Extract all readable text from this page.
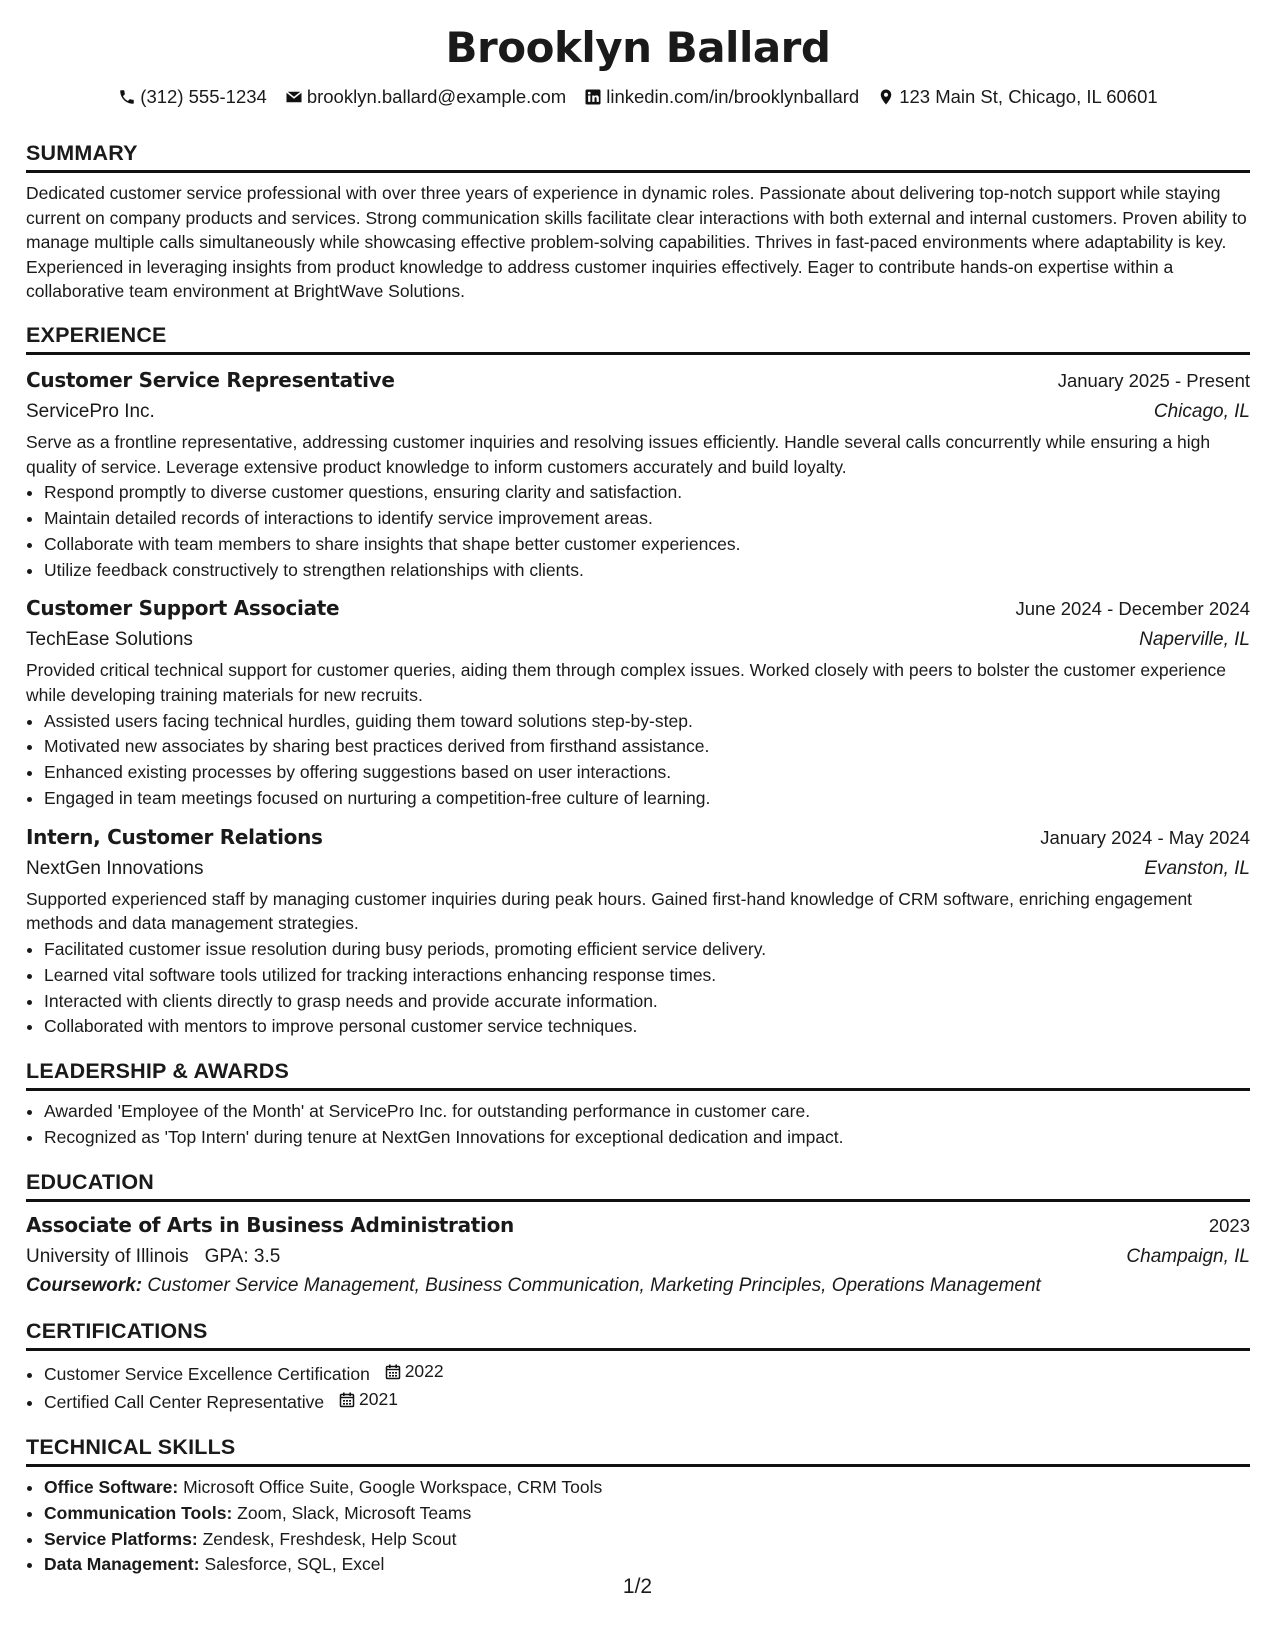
Brooklyn Ballard
(312) 555-1234 brooklyn.ballard@example.com linkedin.com/in/brooklynballard 123 Main St, Chicago, IL 60601
SUMMARY

Dedicated customer service professional with over three years of experience in dynamic roles. Passionate about delivering top-notch support while staying current on company products and services. Strong communication skills facilitate clear interactions with both external and internal customers. Proven ability to manage multiple calls simultaneously while showcasing effective problem-solving capabilities. Thrives in fast-paced environments where adaptability is key. Experienced in leveraging insights from product knowledge to address customer inquiries effectively. Eager to contribute hands-on expertise within a collaborative team environment at BrightWave Solutions.

EXPERIENCE
Customer Service Representative	January 2025 - Present
ServicePro Inc.	Chicago, IL

Serve as a frontline representative, addressing customer inquiries and resolving issues efficiently. Handle several calls concurrently while ensuring a high quality of service. Leverage extensive product knowledge to inform customers accurately and build loyalty.

• Respond promptly to diverse customer questions, ensuring clarity and satisfaction.
• Maintain detailed records of interactions to identify service improvement areas.
• Collaborate with team members to share insights that shape better customer experiences.
• Utilize feedback constructively to strengthen relationships with clients.
Customer Support Associate	June 2024 - December 2024
TechEase Solutions	Naperville, IL

Provided critical technical support for customer queries, aiding them through complex issues. Worked closely with peers to bolster the customer experience while developing training materials for new recruits.

• Assisted users facing technical hurdles, guiding them toward solutions step-by-step.
• Motivated new associates by sharing best practices derived from firsthand assistance.
• Enhanced existing processes by offering suggestions based on user interactions.
• Engaged in team meetings focused on nurturing a competition-free culture of learning.
Intern, Customer Relations	January 2024 - May 2024
NextGen Innovations	Evanston, IL

Supported experienced staff by managing customer inquiries during peak hours. Gained first-hand knowledge of CRM software, enriching engagement methods and data management strategies.

• Facilitated customer issue resolution during busy periods, promoting efficient service delivery.
• Learned vital software tools utilized for tracking interactions enhancing response times.
• Interacted with clients directly to grasp needs and provide accurate information.
• Collaborated with mentors to improve personal customer service techniques.
LEADERSHIP & AWARDS
• Awarded 'Employee of the Month' at ServicePro Inc. for outstanding performance in customer care.
• Recognized as 'Top Intern' during tenure at NextGen Innovations for exceptional dedication and impact.
EDUCATION
Associate of Arts in Business Administration	2023
University of Illinois GPA: 3.5	Champaign, IL
Coursework: Customer Service Management, Business Communication, Marketing Principles, Operations Management
CERTIFICATIONS
• Customer Service Excellence Certification 2022
• Certified Call Center Representative 2021
TECHNICAL SKILLS
• Office Software: Microsoft Office Suite, Google Workspace, CRM Tools
• Communication Tools: Zoom, Slack, Microsoft Teams
• Service Platforms: Zendesk, Freshdesk, Help Scout
• Data Management: Salesforce, SQL, Excel
1/2
